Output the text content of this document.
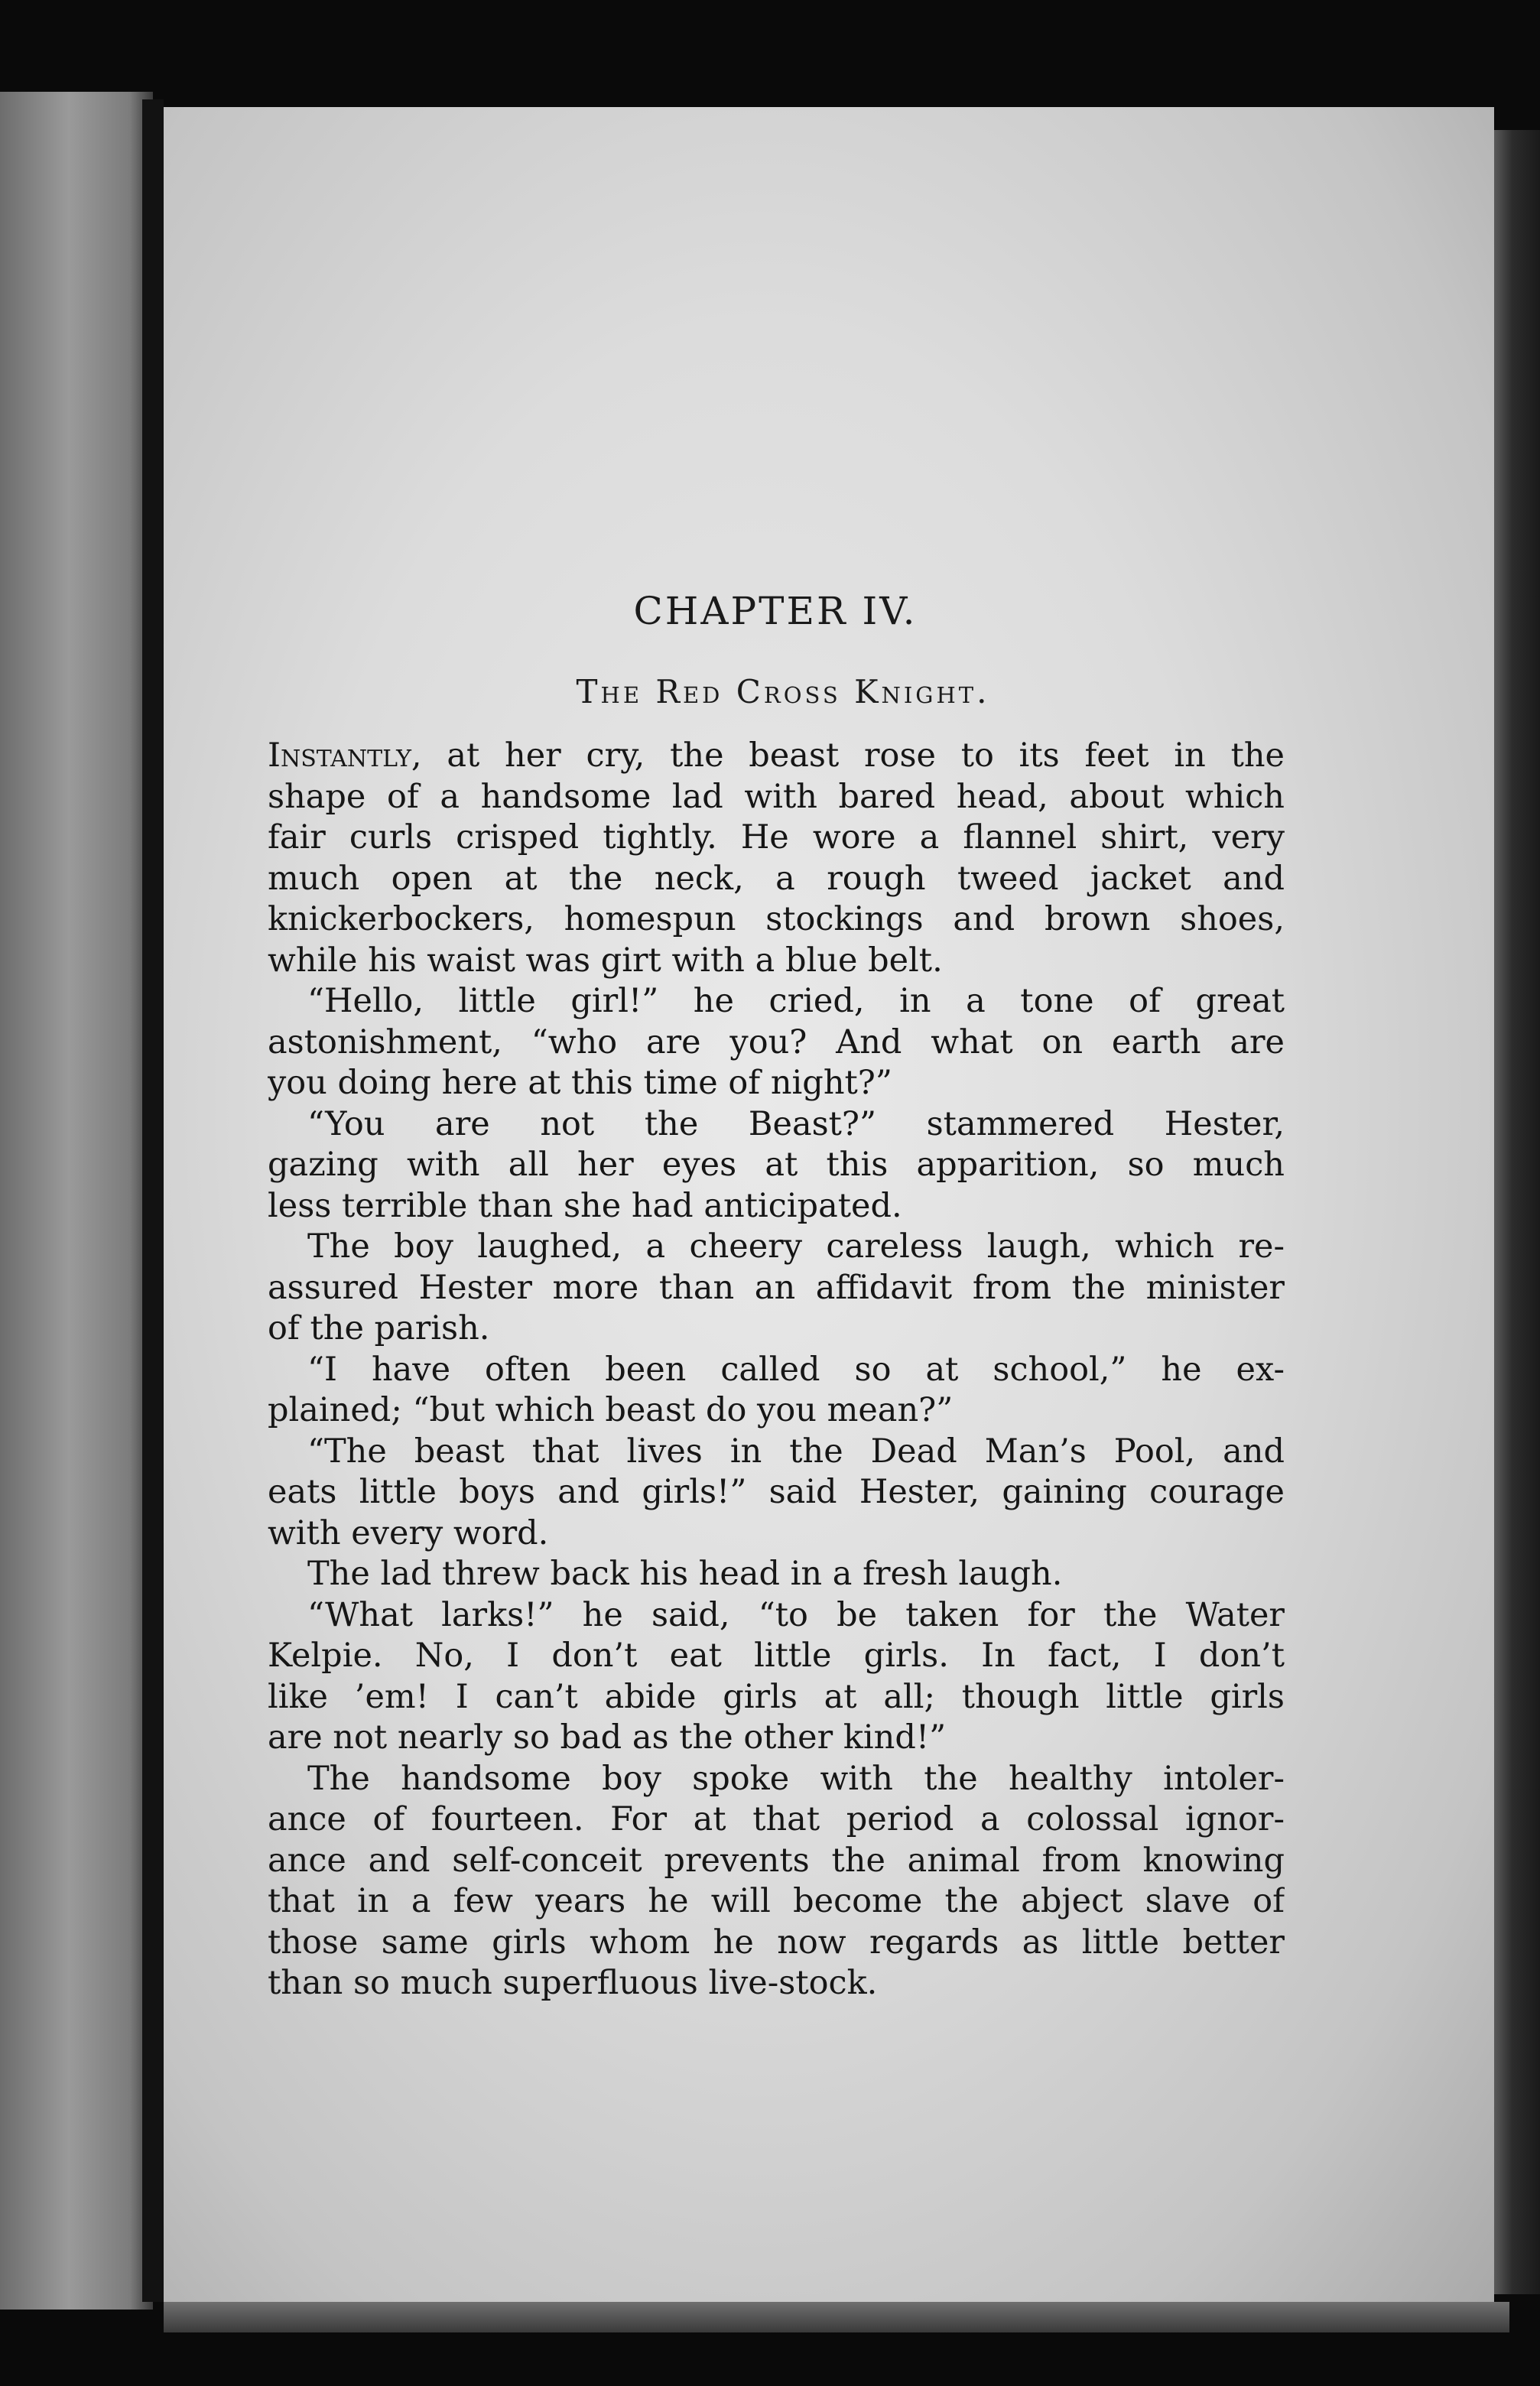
CHAPTER IV.
The Red Cross Knight.
Instantly, at her cry, the beast rose to its feet in the
shape of a handsome lad with bared head, about which
fair curls crisped tightly. He wore a flannel shirt, very
much open at the neck, a rough tweed jacket and
knickerbockers, homespun stockings and brown shoes,
while his waist was girt with a blue belt.
“Hello, little girl!” he cried, in a tone of great
astonishment, “who are you? And what on earth are
you doing here at this time of night?”
“You are not the Beast?” stammered Hester,
gazing with all her eyes at this apparition, so much
less terrible than she had anticipated.
The boy laughed, a cheery careless laugh, which re-
assured Hester more than an affidavit from the minister
of the parish.
“I have often been called so at school,” he ex-
plained; “but which beast do you mean?”
“The beast that lives in the Dead Man’s Pool, and
eats little boys and girls!” said Hester, gaining courage
with every word.
The lad threw back his head in a fresh laugh.
“What larks!” he said, “to be taken for the Water
Kelpie. No, I don’t eat little girls. In fact, I don’t
like ’em! I can’t abide girls at all; though little girls
are not nearly so bad as the other kind!”
The handsome boy spoke with the healthy intoler-
ance of fourteen. For at that period a colossal ignor-
ance and self-conceit prevents the animal from knowing
that in a few years he will become the abject slave of
those same girls whom he now regards as little better
than so much superfluous live-stock.
